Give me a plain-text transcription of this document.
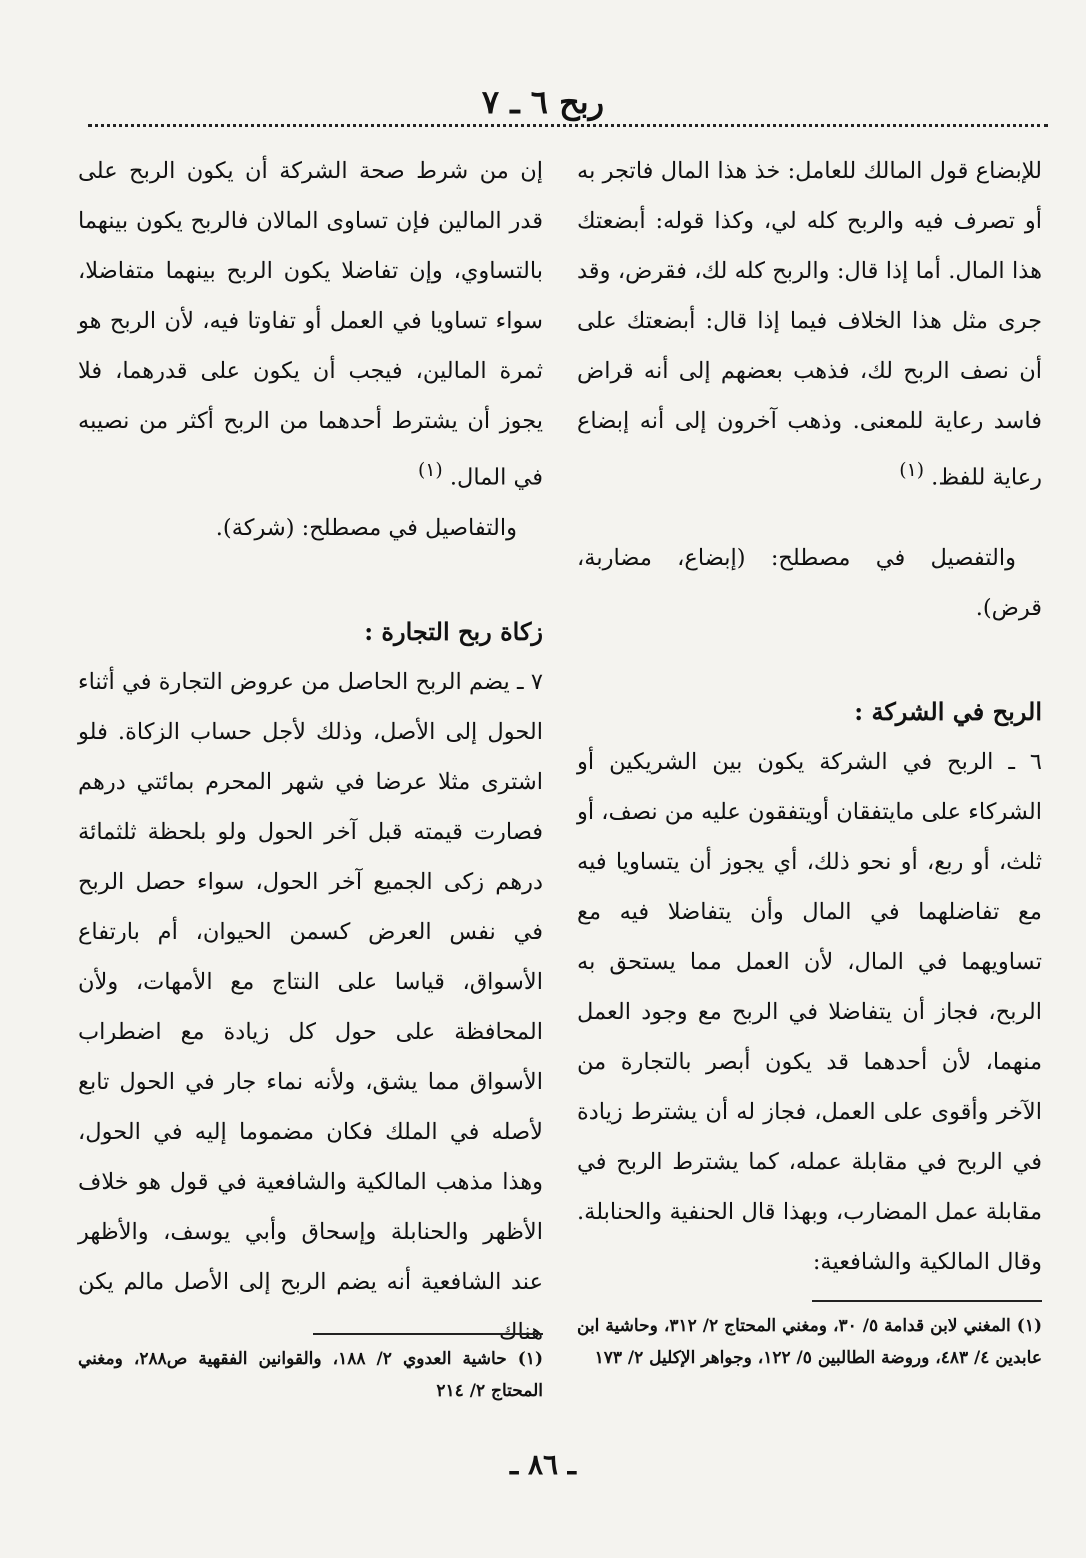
ربح ٦ ـ ٧

للإبضاع قول المالك للعامل: خذ هذا المال فاتجر به أو تصرف فيه والربح كله لي، وكذا قوله: أبضعتك هذا المال. أما إذا قال: والربح كله لك، فقرض، وقد جرى مثل هذا الخلاف فيما إذا قال: أبضعتك على أن نصف الربح لك، فذهب بعضهم إلى أنه قراض فاسد رعاية للمعنى. وذهب آخرون إلى أنه إبضاع رعاية للفظ. $^{(١)}$

والتفصيل في مصطلح: (إبضاع، مضاربة، قرض).

الربح في الشركة :

٦ ـ الربح في الشركة يكون بين الشريكين أو الشركاء على مايتفقان أويتفقون عليه من نصف، أو ثلث، أو ربع، أو نحو ذلك، أي يجوز أن يتساويا فيه مع تفاضلهما في المال وأن يتفاضلا فيه مع تساويهما في المال، لأن العمل مما يستحق به الربح، فجاز أن يتفاضلا في الربح مع وجود العمل منهما، لأن أحدهما قد يكون أبصر بالتجارة من الآخر وأقوى على العمل، فجاز له أن يشترط زيادة في الربح في مقابلة عمله، كما يشترط الربح في مقابلة عمل المضارب، وبهذا قال الحنفية والحنابلة. وقال المالكية والشافعية:

إن من شرط صحة الشركة أن يكون الربح على قدر المالين فإن تساوى المالان فالربح يكون بينهما بالتساوي، وإن تفاضلا يكون الربح بينهما متفاضلا، سواء تساويا في العمل أو تفاوتا فيه، لأن الربح هو ثمرة المالين، فيجب أن يكون على قدرهما، فلا يجوز أن يشترط أحدهما من الربح أكثر من نصيبه في المال. $^{(١)}$

والتفاصيل في مصطلح: (شركة).

زكاة ربح التجارة :

٧ ـ يضم الربح الحاصل من عروض التجارة في أثناء الحول إلى الأصل، وذلك لأجل حساب الزكاة. فلو اشترى مثلا عرضا في شهر المحرم بمائتي درهم فصارت قيمته قبل آخر الحول ولو بلحظة ثلثمائة درهم زكى الجميع آخر الحول، سواء حصل الربح في نفس العرض كسمن الحيوان، أم بارتفاع الأسواق، قياسا على النتاج مع الأمهات، ولأن المحافظة على حول كل زيادة مع اضطراب الأسواق مما يشق، ولأنه نماء جار في الحول تابع لأصله في الملك فكان مضموما إليه في الحول، وهذا مذهب المالكية والشافعية في قول هو خلاف الأظهر والحنابلة وإسحاق وأبي يوسف، والأظهر عند الشافعية أنه يضم الربح إلى الأصل مالم يكن هناك (١) المغني لابن قدامة ٥/ ٣٠، ومغني المحتاج ٢/ ٣١٢، وحاشية ابن عابدين ٤/ ٤٨٣، وروضة الطالبين ٥/ ١٢٢، وجواهر الإكليل ٢/ ١٧٣

(١) حاشية العدوي ٢/ ١٨٨، والقوانين الفقهية ص٢٨٨، ومغني المحتاج ٢/ ٢١٤

ـ ٨٦ ـ
